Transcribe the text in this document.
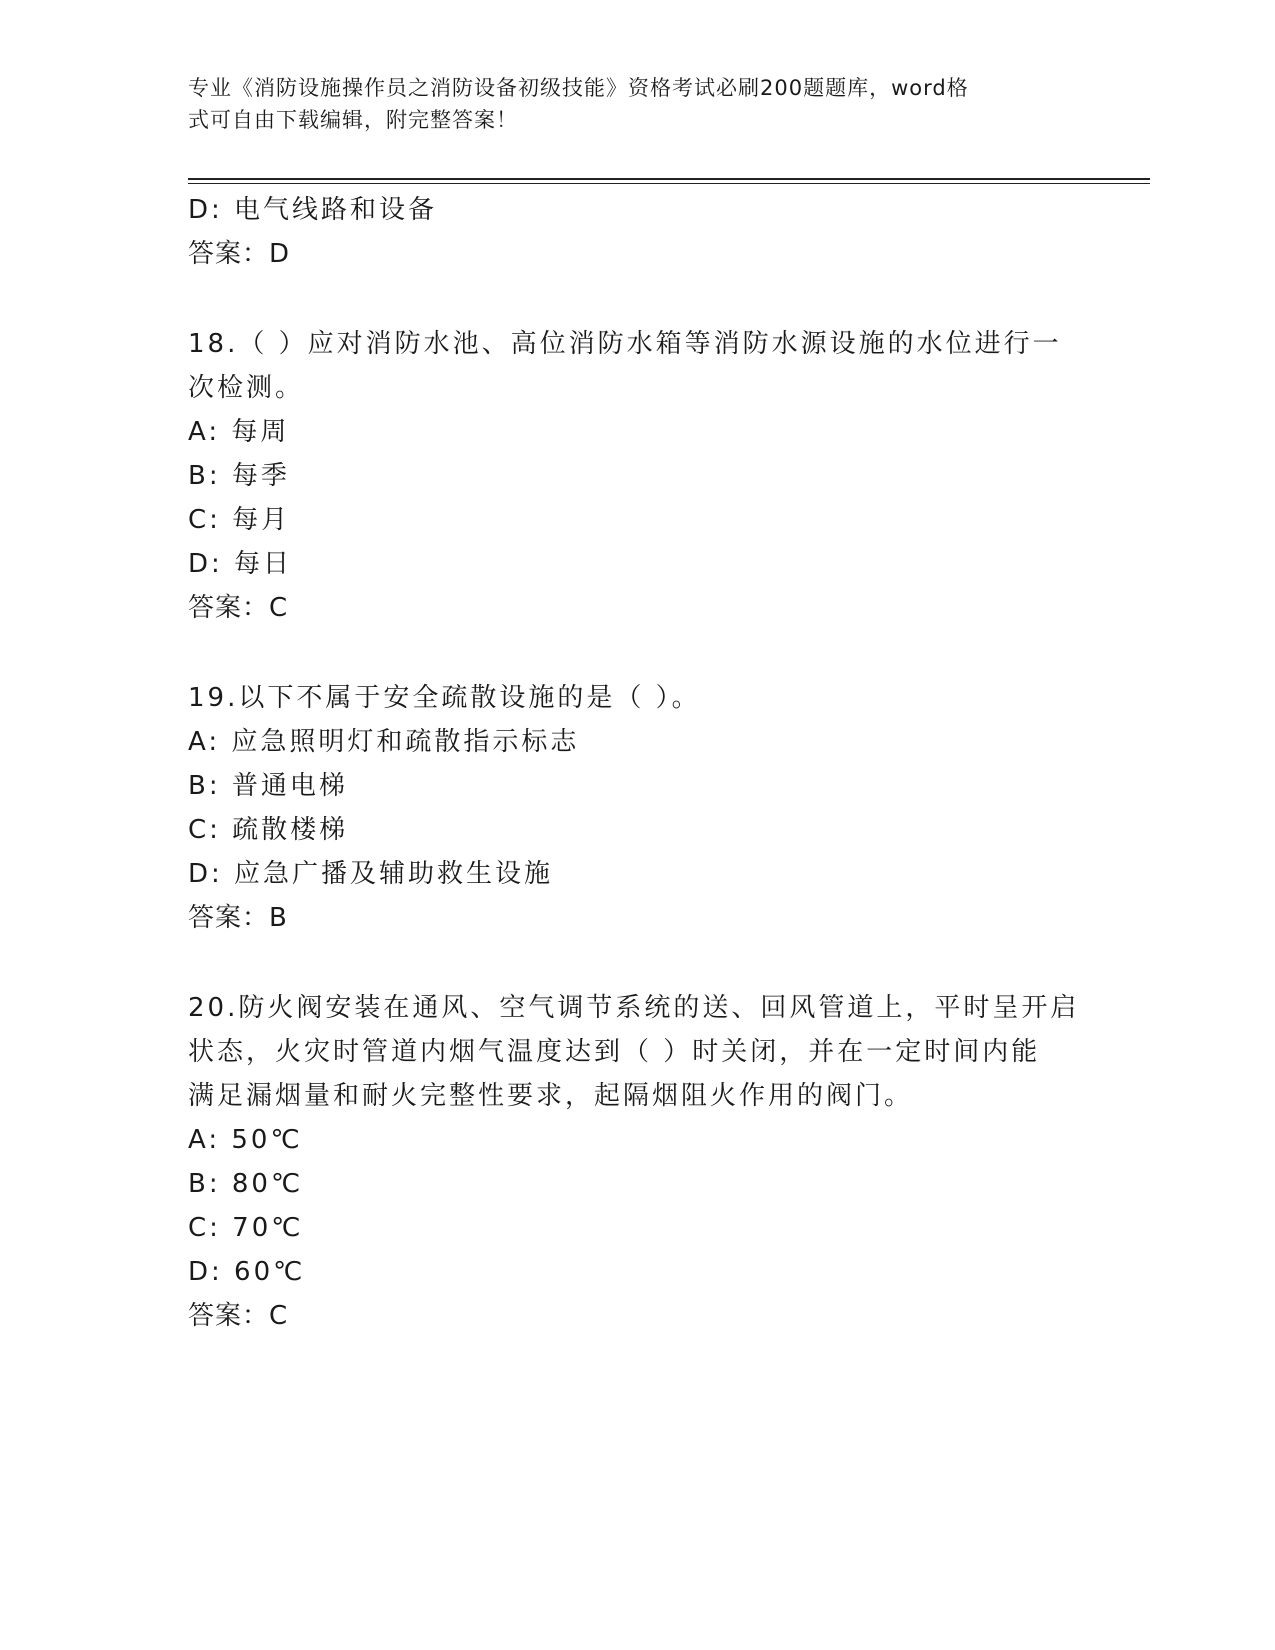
专业《消防设施操作员之消防设备初级技能》资格考试必刷200题题库，word格
式可自由下载编辑，附完整答案！
D: 电气线路和设备
答案：D
18.（ ）应对消防水池、高位消防水箱等消防水源设施的水位进行一
次检测。
A: 每周
B: 每季
C: 每月
D: 每日
答案：C
19.以下不属于安全疏散设施的是（ ）。
A: 应急照明灯和疏散指示标志
B: 普通电梯
C: 疏散楼梯
D: 应急广播及辅助救生设施
答案：B
20.防火阀安装在通风、空气调节系统的送、回风管道上，平时呈开启
状态，火灾时管道内烟气温度达到（ ）时关闭，并在一定时间内能
满足漏烟量和耐火完整性要求，起隔烟阻火作用的阀门。
A: 50℃
B: 80℃
C: 70℃
D: 60℃
答案：C
